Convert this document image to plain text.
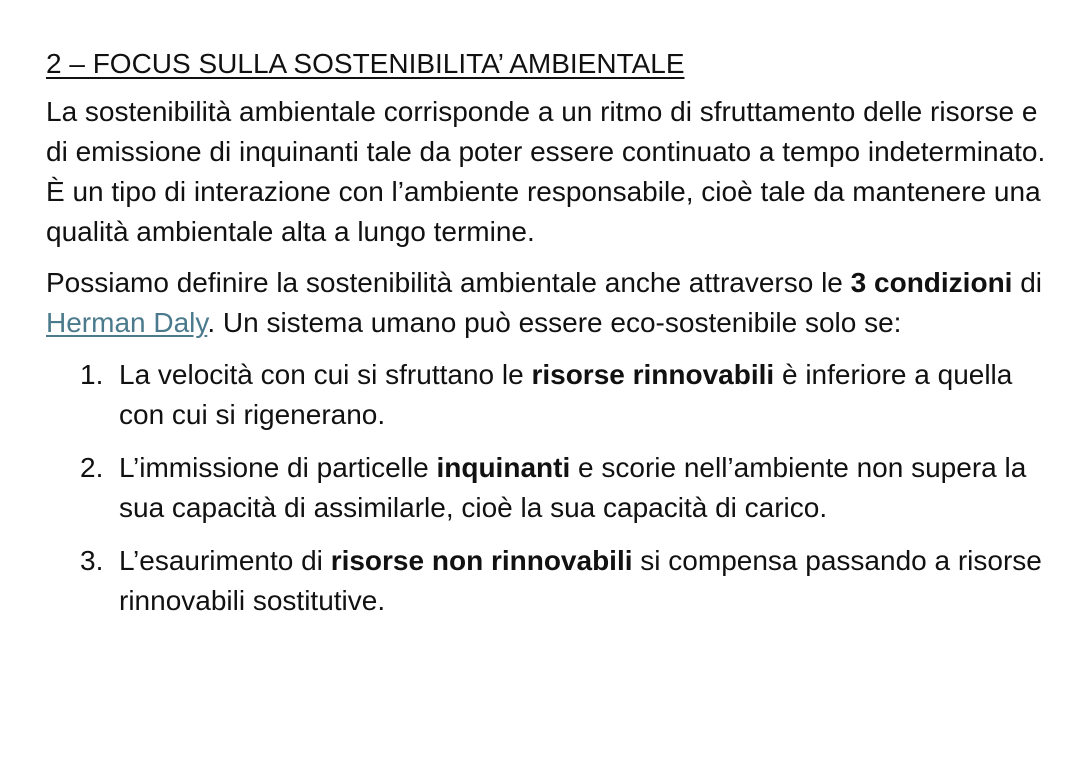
2 – FOCUS SULLA SOSTENIBILITA’ AMBIENTALE

La sostenibilità ambientale corrisponde a un ritmo di sfruttamento delle risorse e di emissione di inquinanti tale da poter essere continuato a tempo indeterminato. È un tipo di interazione con l’ambiente responsabile, cioè tale da mantenere una qualità ambientale alta a lungo termine.

Possiamo definire la sostenibilità ambientale anche attraverso le 3 condizioni di Herman Daly. Un sistema umano può essere eco-sostenibile solo se:

1. La velocità con cui si sfruttano le risorse rinnovabili è inferiore a quella con cui si rigenerano.
2. L’immissione di particelle inquinanti e scorie nell’ambiente non supera la sua capacità di assimilarle, cioè la sua capacità di carico.
3. L’esaurimento di risorse non rinnovabili si compensa passando a risorse rinnovabili sostitutive.
